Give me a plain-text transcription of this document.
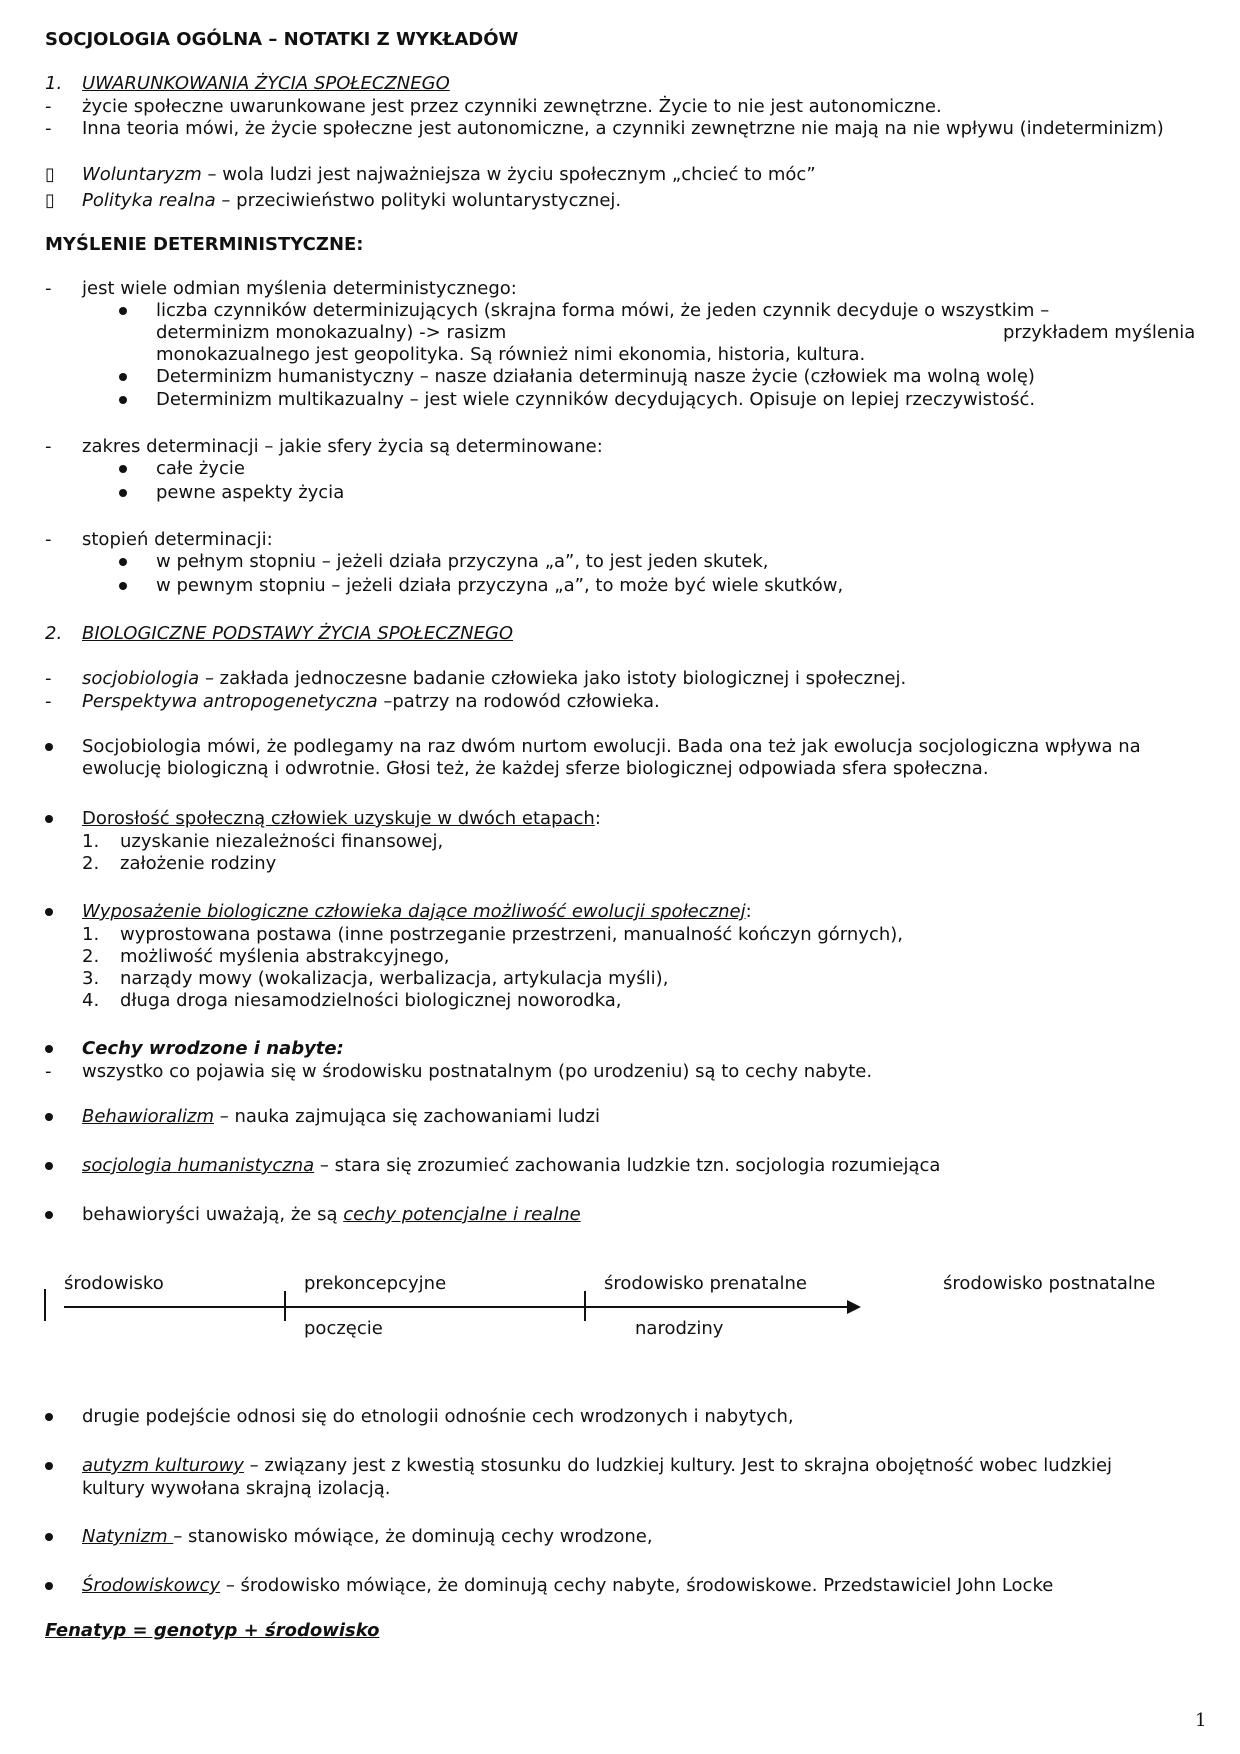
SOCJOLOGIA OGÓLNA – NOTATKI Z WYKŁADÓW
1. UWARUNKOWANIA ŻYCIA SPOŁECZNEGO
- życie społeczne uwarunkowane jest przez czynniki zewnętrzne. Życie to nie jest autonomiczne.
- Inna teoria mówi, że życie społeczne jest autonomiczne, a czynniki zewnętrzne nie mają na nie wpływu (indeterminizm)
▯ Woluntaryzm – wola ludzi jest najważniejsza w życiu społecznym „chcieć to móc”
▯ Polityka realna – przeciwieństwo polityki woluntarystycznej.
MYŚLENIE DETERMINISTYCZNE:
- jest wiele odmian myślenia deterministycznego:
liczba czynników determinizujących (skrajna forma mówi, że jeden czynnik decyduje o wszystkim –
determinizm monokazualny) -> rasizm	przykładem myślenia
monokazualnego jest geopolityka. Są również nimi ekonomia, historia, kultura.
Determinizm humanistyczny – nasze działania determinują nasze życie (człowiek ma wolną wolę)
Determinizm multikazualny – jest wiele czynników decydujących. Opisuje on lepiej rzeczywistość.
- zakres determinacji – jakie sfery życia są determinowane:
całe życie
pewne aspekty życia
- stopień determinacji:
w pełnym stopniu – jeżeli działa przyczyna „a”, to jest jeden skutek,
w pewnym stopniu – jeżeli działa przyczyna „a”, to może być wiele skutków,
2. BIOLOGICZNE PODSTAWY ŻYCIA SPOŁECZNEGO
- socjobiologia – zakłada jednoczesne badanie człowieka jako istoty biologicznej i społecznej.
- Perspektywa antropogenetyczna –patrzy na rodowód człowieka.
Socjobiologia mówi, że podlegamy na raz dwóm nurtom ewolucji. Bada ona też jak ewolucja socjologiczna wpływa na
ewolucję biologiczną i odwrotnie. Głosi też, że każdej sferze biologicznej odpowiada sfera społeczna.
Dorosłość społeczną człowiek uzyskuje w dwóch etapach:
1. uzyskanie niezależności finansowej,
2. założenie rodziny
Wyposażenie biologiczne człowieka dające możliwość ewolucji społecznej:
1. wyprostowana postawa (inne postrzeganie przestrzeni, manualność kończyn górnych),
2. możliwość myślenia abstrakcyjnego,
3. narządy mowy (wokalizacja, werbalizacja, artykulacja myśli),
4. długa droga niesamodzielności biologicznej noworodka,
Cechy wrodzone i nabyte:
- wszystko co pojawia się w środowisku postnatalnym (po urodzeniu) są to cechy nabyte.
Behawioralizm – nauka zajmująca się zachowaniami ludzi
socjologia humanistyczna – stara się zrozumieć zachowania ludzkie tzn. socjologia rozumiejąca
behawioryści uważają, że są cechy potencjalne i realne
środowisko	prekoncepcyjne	środowisko prenatalne	środowisko postnatalne
poczęcie	narodziny
drugie podejście odnosi się do etnologii odnośnie cech wrodzonych i nabytych,
autyzm kulturowy – związany jest z kwestią stosunku do ludzkiej kultury. Jest to skrajna obojętność wobec ludzkiej
kultury wywołana skrajną izolacją.
Natynizm – stanowisko mówiące, że dominują cechy wrodzone,
Środowiskowcy – środowisko mówiące, że dominują cechy nabyte, środowiskowe. Przedstawiciel John Locke
Fenatyp = genotyp + środowisko
1
